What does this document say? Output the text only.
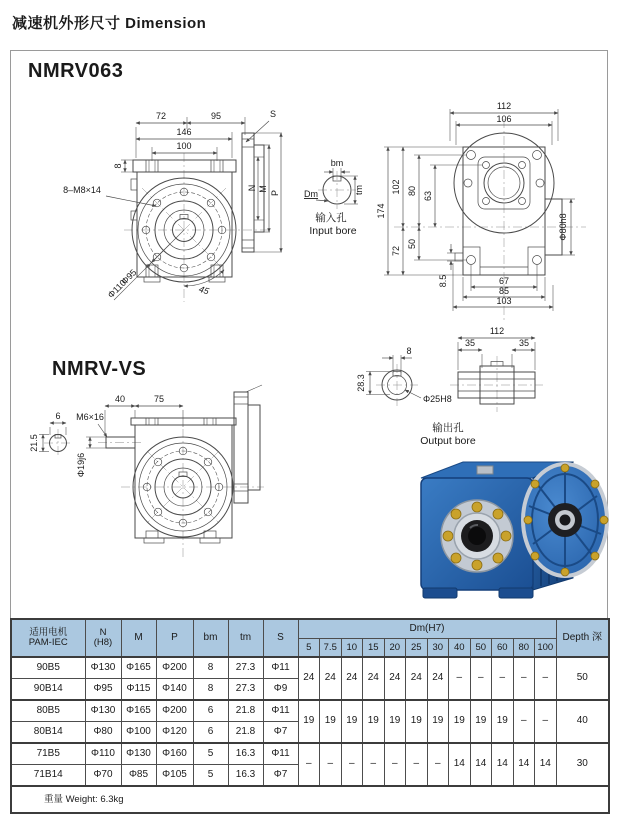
减速机外形尺寸 Dimension
NMRV063
NMRV-VS
72	95
146
100
8
8–M8×14
Φ95
Φ110	45
S
N M
P
bm
tm
Dm
输入孔
Input bore	Φ80h8
112
106
174
102
72
80
50
63
8.5	67
85
103
6 M6×16
21.5
Φ19j6
40	75
8
28.3
Φ25H8
112
35	35
输出孔
Output bore
适用电机
PAM-IEC

N
(H8)	M	P	bm	tm	S	Dm(H7)	Depth 深
							5	7.5	10	15	20	25	30	40	50	60	80	100	
90B5	Φ130	Φ165	Φ200	8	27.3	Φ11	24	24	24	24	24	24	24	–	–	–	–	–	50
90B14	Φ95	Φ115	Φ140	8	27.3	Φ9													
80B5	Φ130	Φ165	Φ200	6	21.8	Φ11	19	19	19	19	19	19	19	19	19	19	–	–	40
80B14	Φ80	Φ100	Φ120	6	21.8	Φ7													
71B5	Φ110	Φ130	Φ160	5	16.3	Φ11	–	–	–	–	–	–	–	14	14	14	14	14	30
71B14	Φ70	Φ85	Φ105	5	16.3	Φ7													
重量 Weight: 6.3kg																			
